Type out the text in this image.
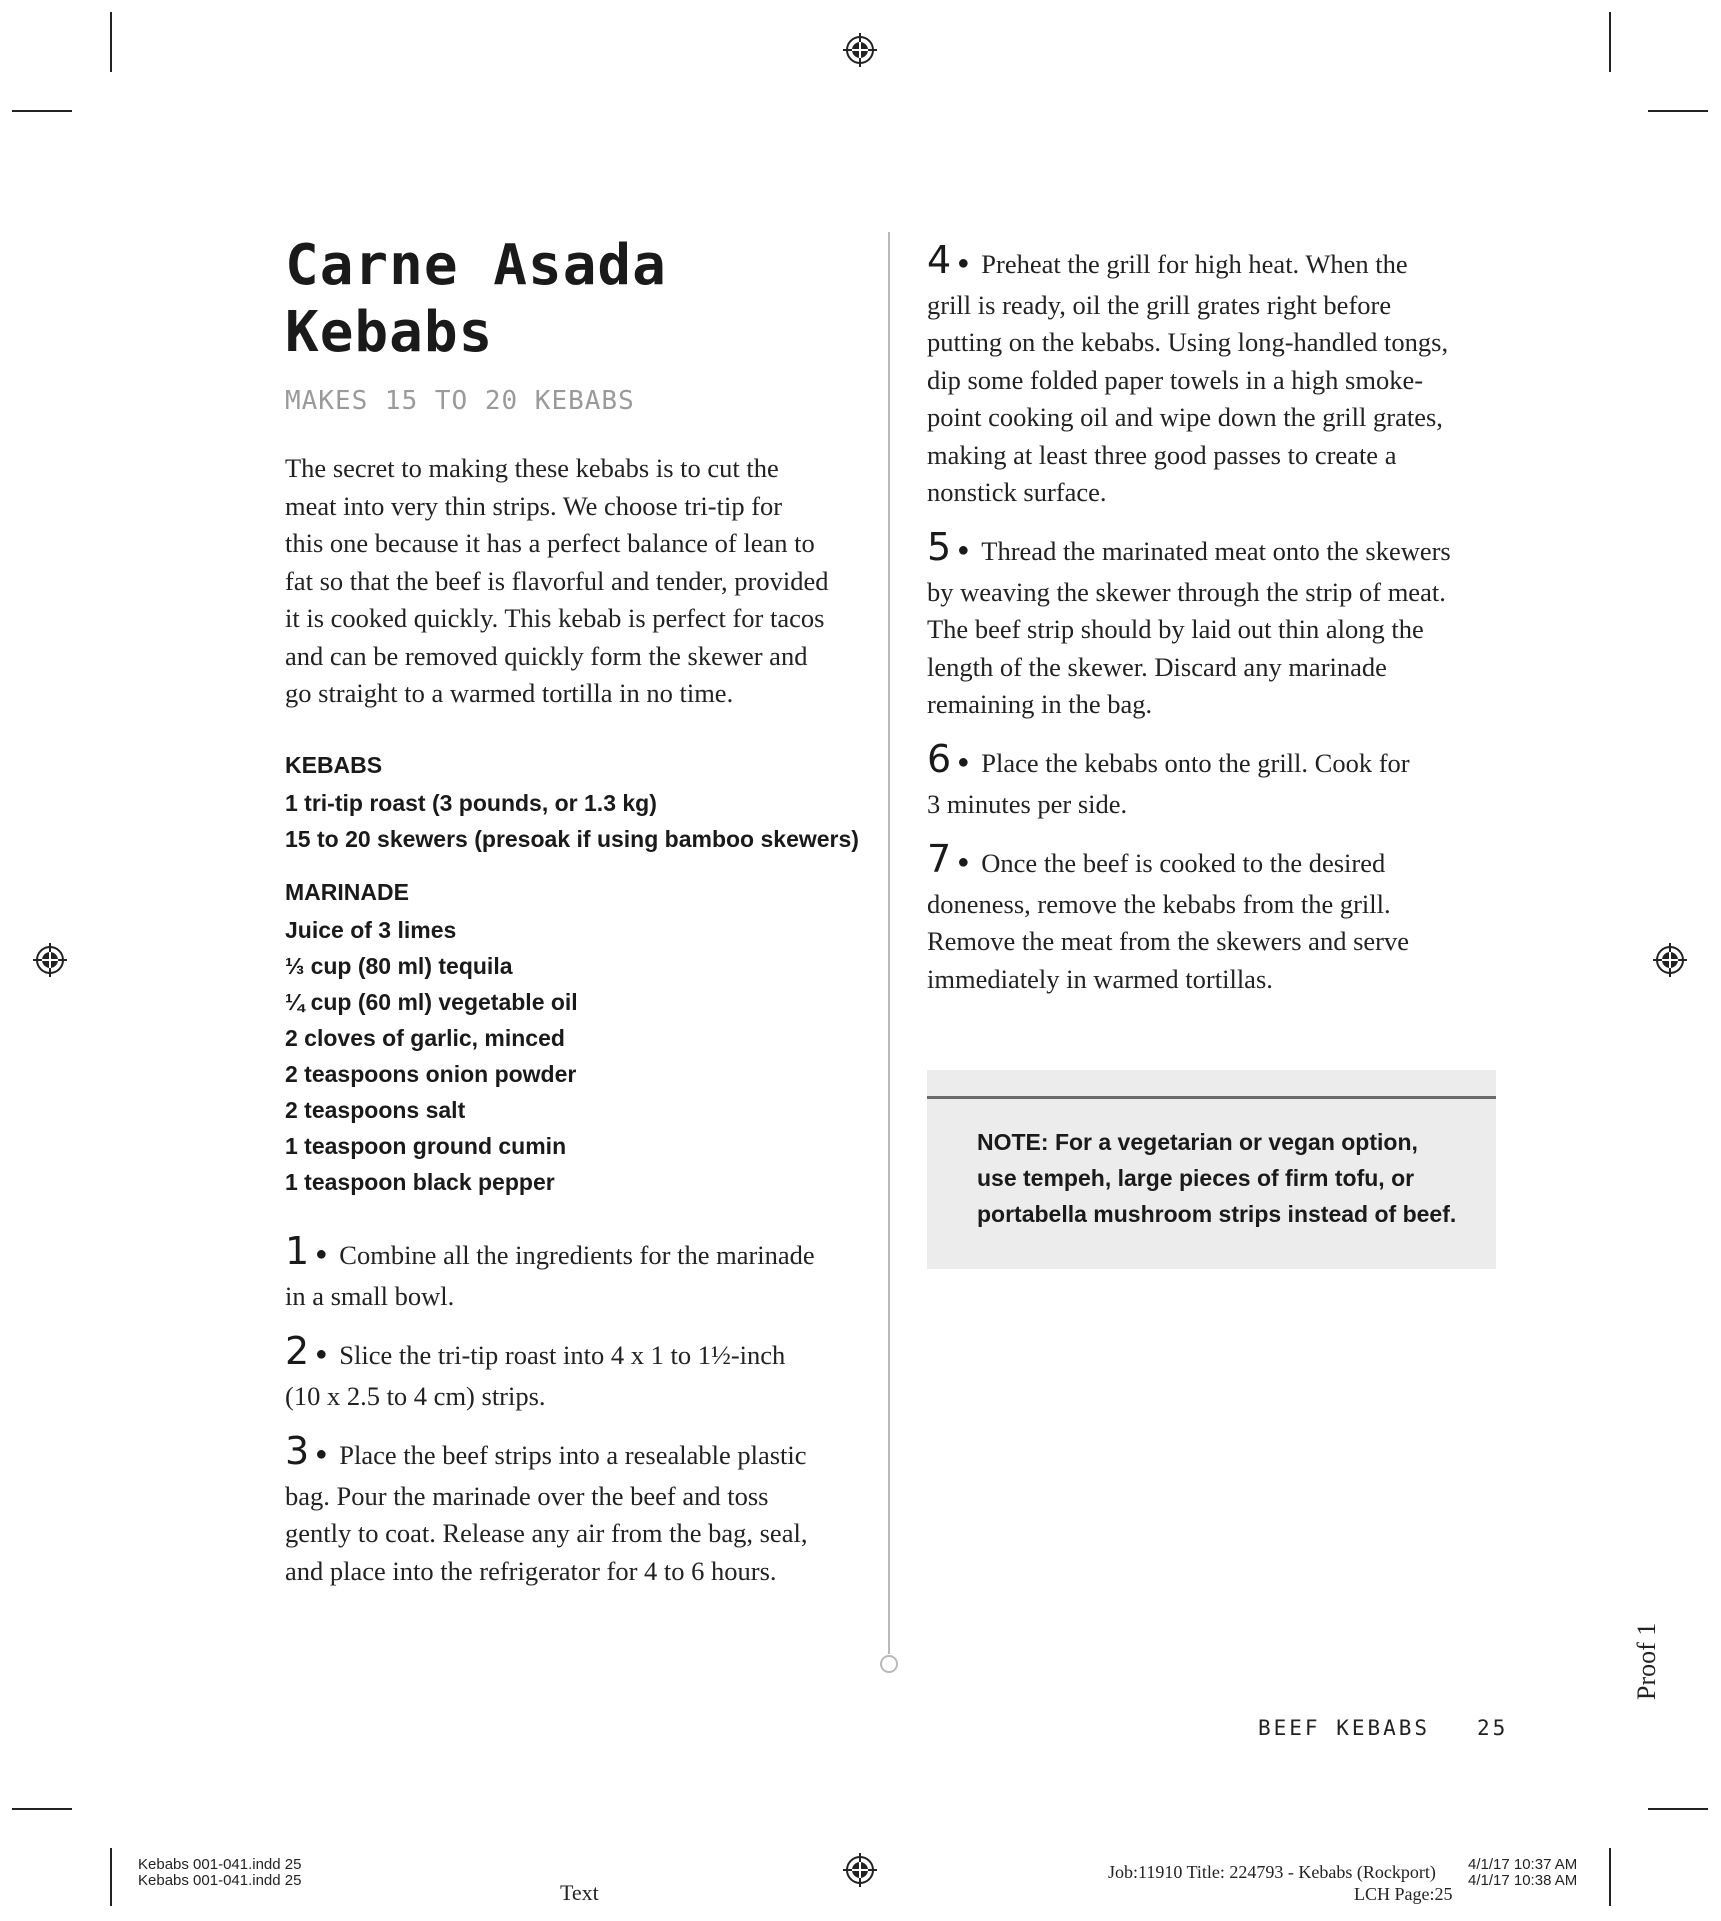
Carne Asada
Kebabs
MAKES 15 TO 20 KEBABS
The secret to making these kebabs is to cut the
meat into very thin strips. We choose tri-tip for
this one because it has a perfect balance of lean to
fat so that the beef is flavorful and tender, provided
it is cooked quickly. This kebab is perfect for tacos
and can be removed quickly form the skewer and
go straight to a warmed tortilla in no time.
KEBABS
1 tri-tip roast (3 pounds, or 1.3 kg)
15 to 20 skewers (presoak if using bamboo skewers)
MARINADE
Juice of 3 limes
⅓ cup (80 ml) tequila
¼ cup (60 ml) vegetable oil
2 cloves of garlic, minced
2 teaspoons onion powder
2 teaspoons salt
1 teaspoon ground cumin
1 teaspoon black pepper
1 ● Combine all the ingredients for the marinade
in a small bowl.
2 ● Slice the tri-tip roast into 4 x 1 to 1½-inch
(10 x 2.5 to 4 cm) strips.
3 ● Place the beef strips into a resealable plastic
bag. Pour the marinade over the beef and toss
gently to coat. Release any air from the bag, seal,
and place into the refrigerator for 4 to 6 hours.
4 ● Preheat the grill for high heat. When the
grill is ready, oil the grill grates right before
putting on the kebabs. Using long-handled tongs,
dip some folded paper towels in a high smoke-
point cooking oil and wipe down the grill grates,
making at least three good passes to create a
nonstick surface.
5 ● Thread the marinated meat onto the skewers
by weaving the skewer through the strip of meat.
The beef strip should by laid out thin along the
length of the skewer. Discard any marinade
remaining in the bag.
6 ● Place the kebabs onto the grill. Cook for
3 minutes per side.
7 ● Once the beef is cooked to the desired
doneness, remove the kebabs from the grill.
Remove the meat from the skewers and serve
immediately in warmed tortillas.
NOTE: For a vegetarian or vegan option,
use tempeh, large pieces of firm tofu, or
portabella mushroom strips instead of beef.
BEEF KEBABS 25
Proof 1
Kebabs 001-041.indd 25
Kebabs 001-041.indd 25	Text
Job:11910 Title: 224793 - Kebabs (Rockport)
LCH Page:25
4/1/17 10:37 AM
4/1/17 10:38 AM
